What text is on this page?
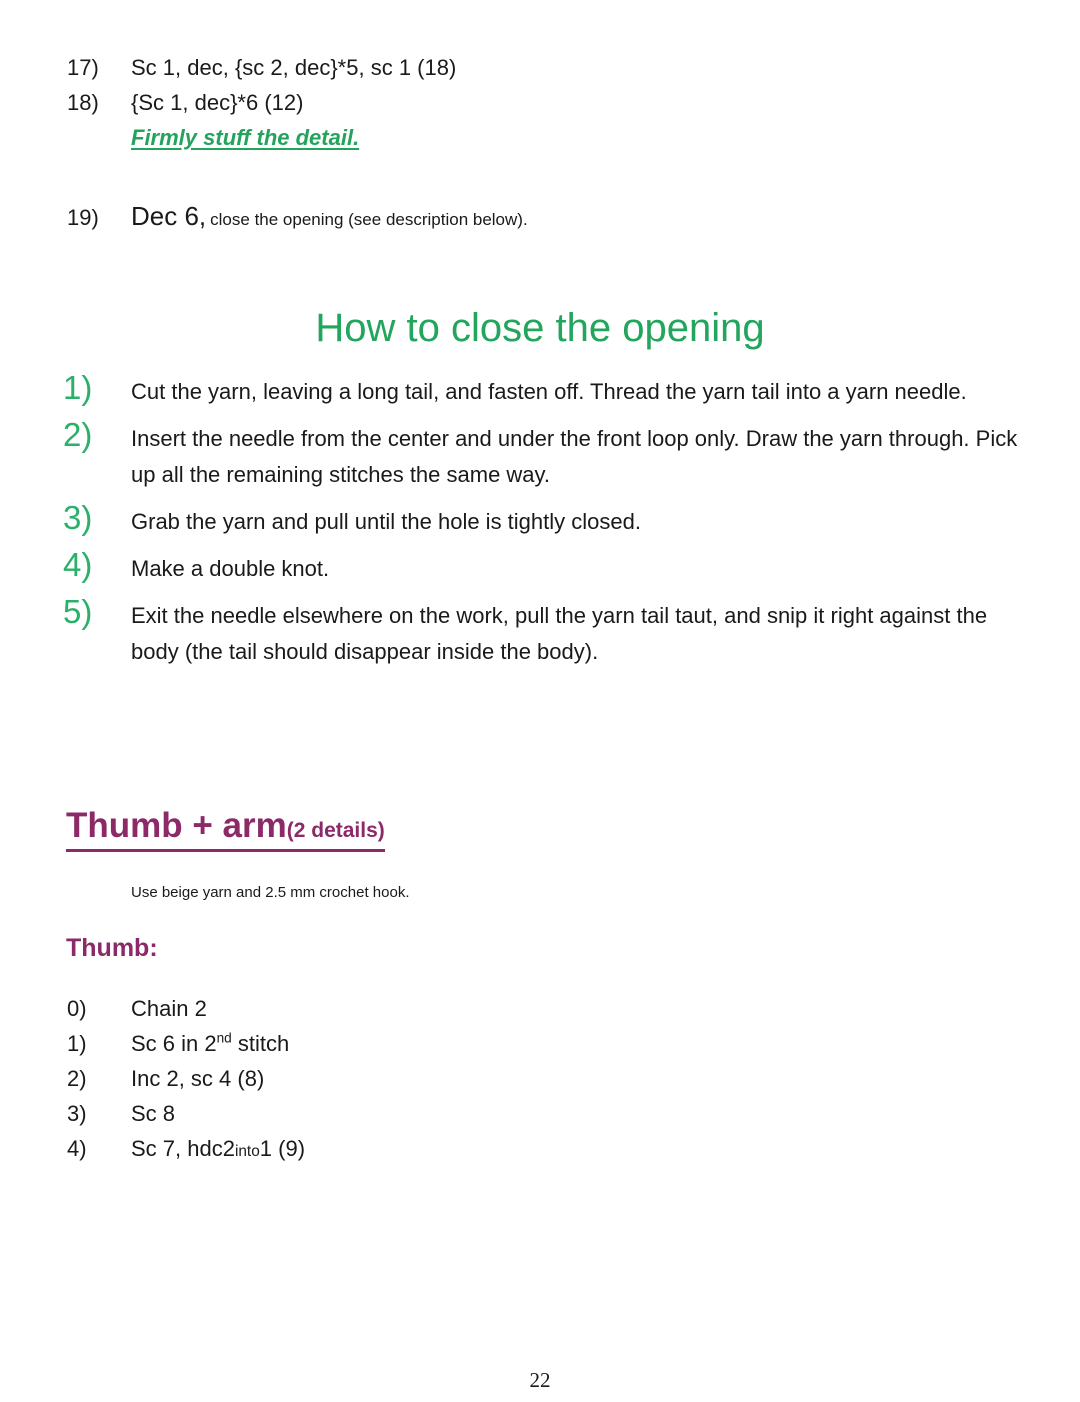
17)	Sc 1, dec, {sc 2, dec}*5, sc 1 (18)
18)	{Sc 1, dec}*6 (12)
Firmly stuff the detail.
19)	Dec 6, close the opening (see description below).
How to close the opening
1)	Cut the yarn, leaving a long tail, and fasten off. Thread the yarn tail into a yarn needle.
2)	Insert the needle from the center and under the front loop only. Draw the yarn through. Pick up all the remaining stitches the same way.
3)	Grab the yarn and pull until the hole is tightly closed.
4)	Make a double knot.
5)	Exit the needle elsewhere on the work, pull the yarn tail taut, and snip it right against the body (the tail should disappear inside the body).
Thumb + arm(2 details)
Use beige yarn and 2.5 mm crochet hook.
Thumb:
0)	Chain 2
1)	Sc 6 in 2nd stitch
2)	Inc 2, sc 4 (8)
3)	Sc 8
4)	Sc 7, hdc2into1 (9)
22
